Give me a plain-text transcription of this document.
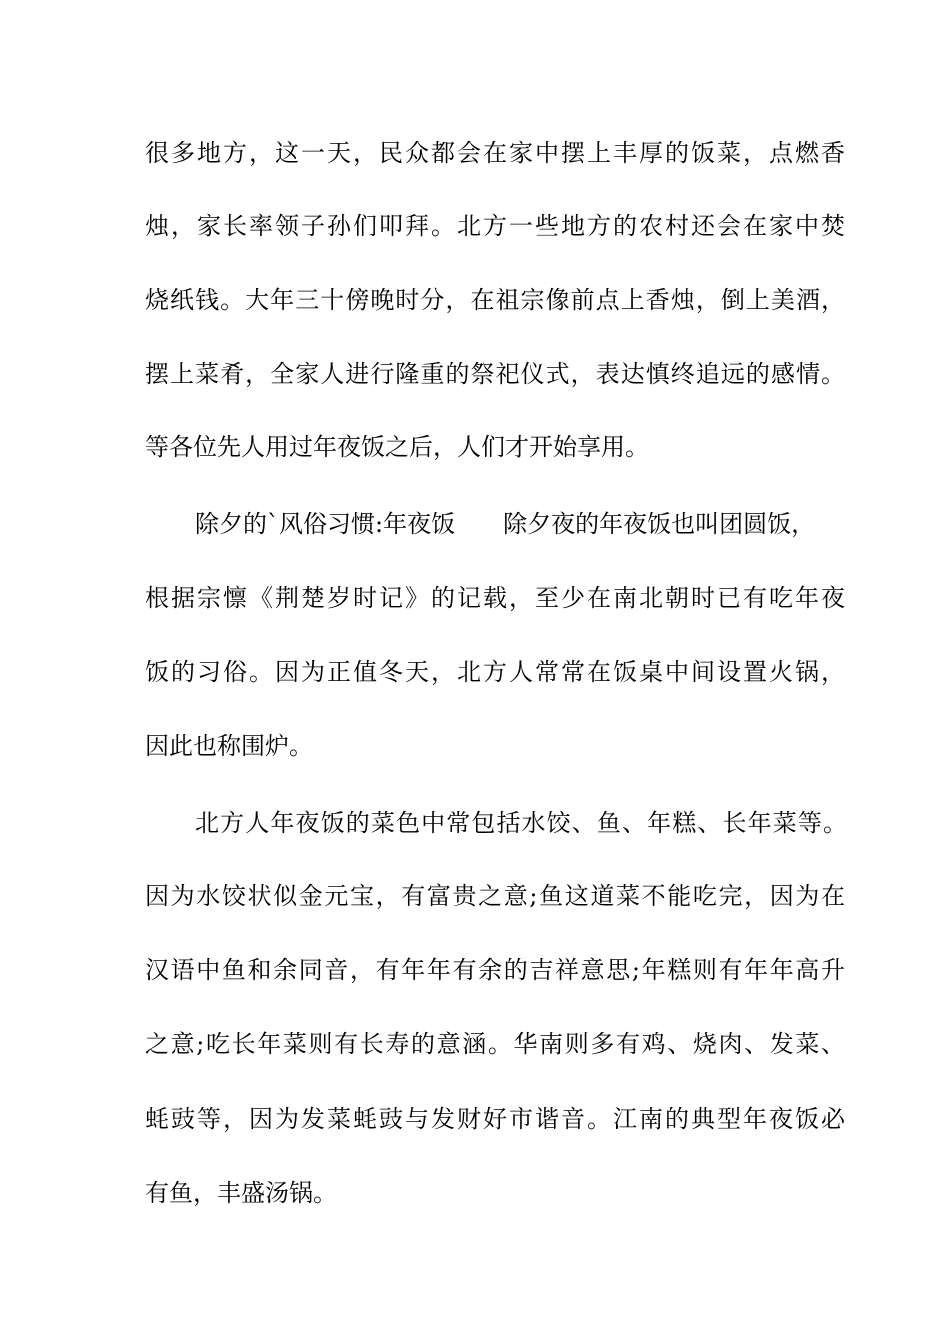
很多地方，这一天，民众都会在家中摆上丰厚的饭菜，点燃香
烛，家长率领子孙们叩拜。北方一些地方的农村还会在家中焚
烧纸钱。大年三十傍晚时分，在祖宗像前点上香烛，倒上美酒，
摆上菜肴，全家人进行隆重的祭祀仪式，表达慎终追远的感情。
等各位先人用过年夜饭之后，人们才开始享用。
除夕的`风俗习惯:年夜饭 除夕夜的年夜饭也叫团圆饭，
根据宗懔《荆楚岁时记》的记载，至少在南北朝时已有吃年夜
饭的习俗。因为正值冬天，北方人常常在饭桌中间设置火锅，
因此也称围炉。
北方人年夜饭的菜色中常包括水饺、鱼、年糕、长年菜等。
因为水饺状似金元宝，有富贵之意;鱼这道菜不能吃完，因为在
汉语中鱼和余同音，有年年有余的吉祥意思;年糕则有年年高升
之意;吃长年菜则有长寿的意涵。华南则多有鸡、烧肉、发菜、
蚝豉等，因为发菜蚝豉与发财好市谐音。江南的典型年夜饭必
有鱼，丰盛汤锅。
